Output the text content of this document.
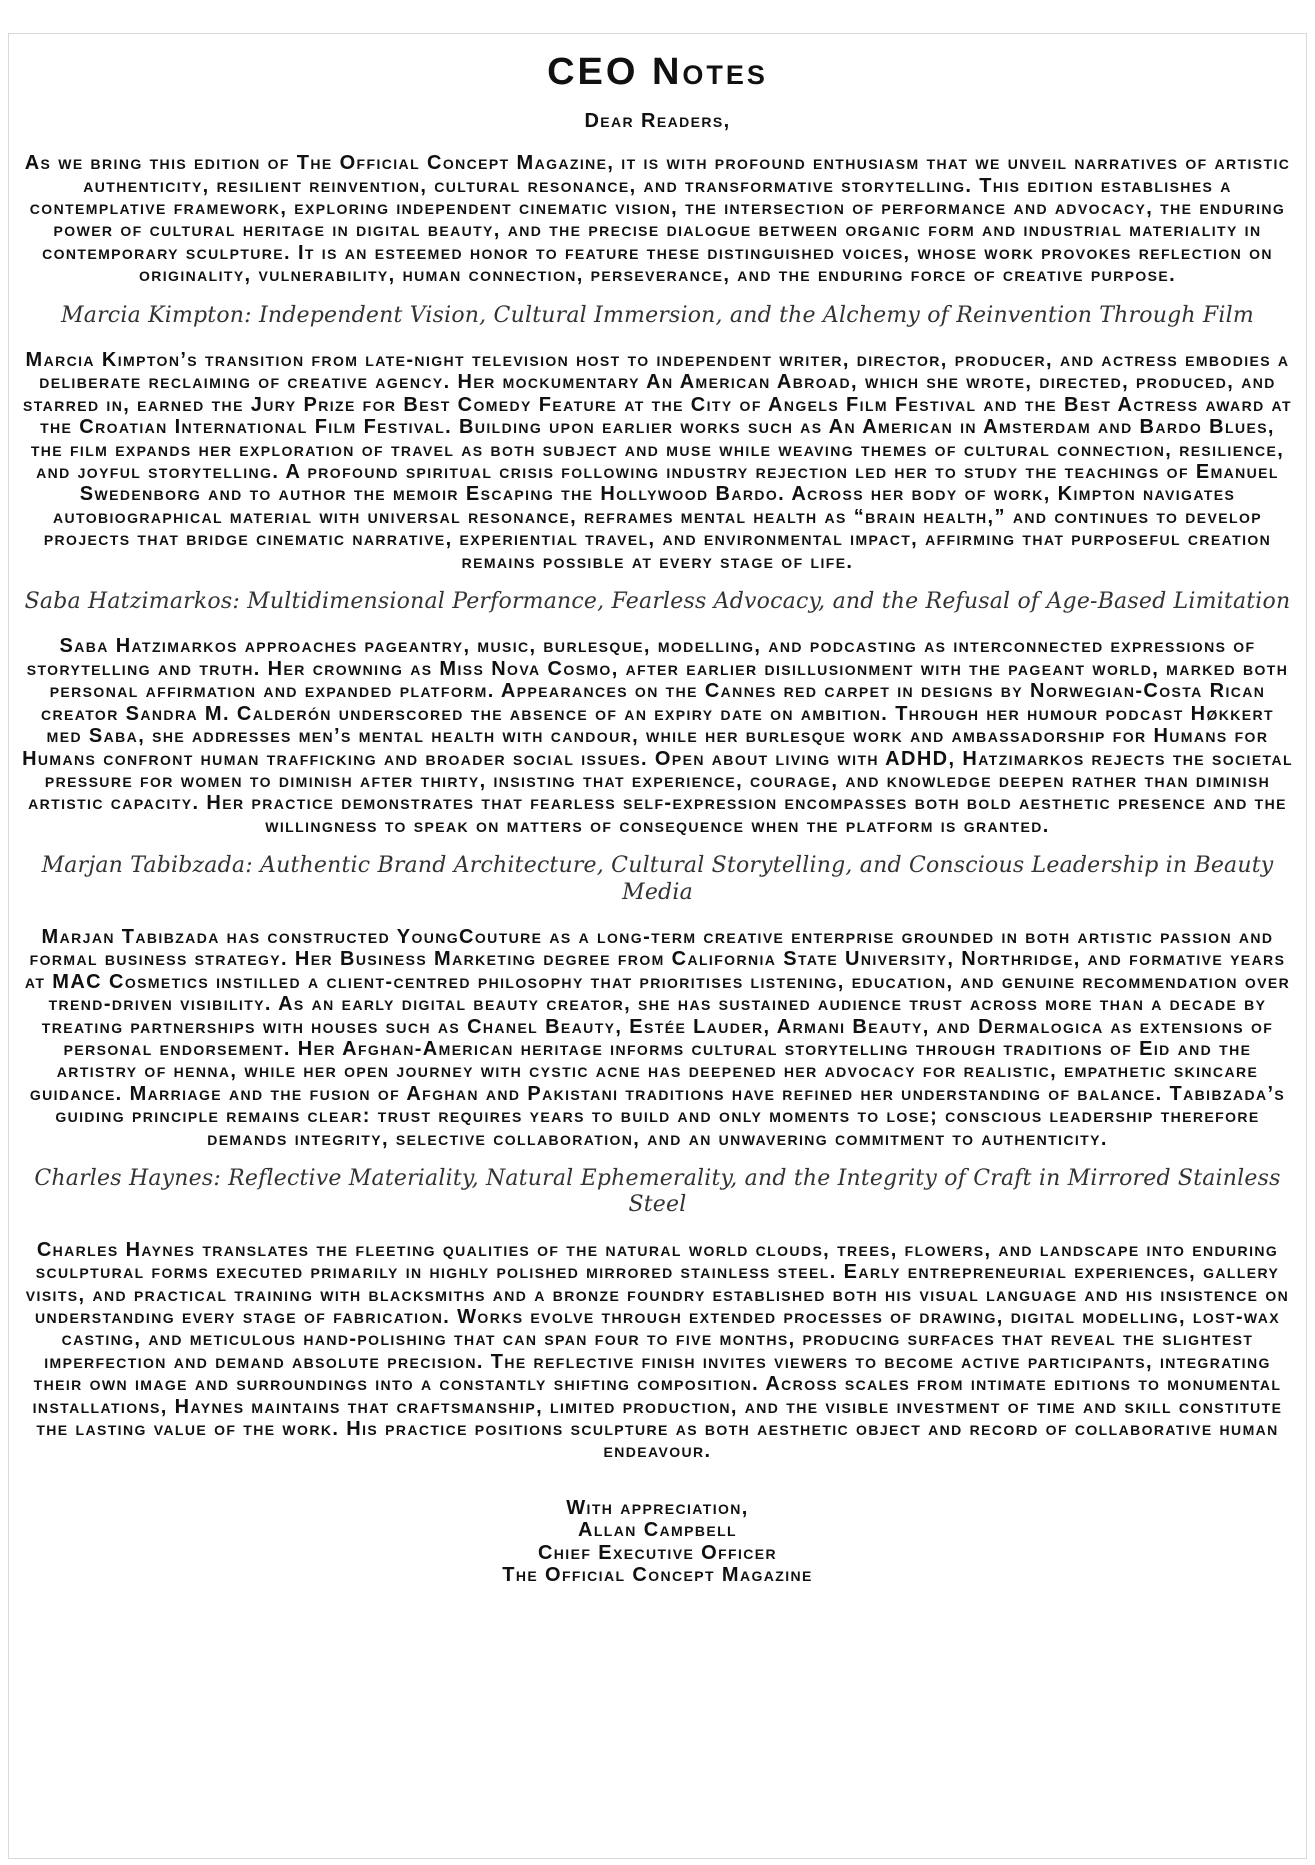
CEO Notes
Dear Readers,
As we bring this edition of The Official Concept Magazine, it is with profound enthusiasm that we unveil narratives of artistic authenticity, resilient reinvention, cultural resonance, and transformative storytelling. This edition establishes a contemplative framework, exploring independent cinematic vision, the intersection of performance and advocacy, the enduring power of cultural heritage in digital beauty, and the precise dialogue between organic form and industrial materiality in contemporary sculpture. It is an esteemed honor to feature these distinguished voices, whose work provokes reflection on originality, vulnerability, human connection, perseverance, and the enduring force of creative purpose.
Marcia Kimpton: Independent Vision, Cultural Immersion, and the Alchemy of Reinvention Through Film
Marcia Kimpton’s transition from late-night television host to independent writer, director, producer, and actress embodies a deliberate reclaiming of creative agency. Her mockumentary An American Abroad, which she wrote, directed, produced, and starred in, earned the Jury Prize for Best Comedy Feature at the City of Angels Film Festival and the Best Actress award at the Croatian International Film Festival. Building upon earlier works such as An American in Amsterdam and Bardo Blues, the film expands her exploration of travel as both subject and muse while weaving themes of cultural connection, resilience, and joyful storytelling. A profound spiritual crisis following industry rejection led her to study the teachings of Emanuel Swedenborg and to author the memoir Escaping the Hollywood Bardo. Across her body of work, Kimpton navigates autobiographical material with universal resonance, reframes mental health as “brain health,” and continues to develop projects that bridge cinematic narrative, experiential travel, and environmental impact, affirming that purposeful creation remains possible at every stage of life.
Saba Hatzimarkos: Multidimensional Performance, Fearless Advocacy, and the Refusal of Age-Based Limitation
Saba Hatzimarkos approaches pageantry, music, burlesque, modelling, and podcasting as interconnected expressions of storytelling and truth. Her crowning as Miss Nova Cosmo, after earlier disillusionment with the pageant world, marked both personal affirmation and expanded platform. Appearances on the Cannes red carpet in designs by Norwegian-Costa Rican creator Sandra M. Calderón underscored the absence of an expiry date on ambition. Through her humour podcast Høkkert med Saba, she addresses men’s mental health with candour, while her burlesque work and ambassadorship for Humans for Humans confront human trafficking and broader social issues. Open about living with ADHD, Hatzimarkos rejects the societal pressure for women to diminish after thirty, insisting that experience, courage, and knowledge deepen rather than diminish artistic capacity. Her practice demonstrates that fearless self-expression encompasses both bold aesthetic presence and the willingness to speak on matters of consequence when the platform is granted.
Marjan Tabibzada: Authentic Brand Architecture, Cultural Storytelling, and Conscious Leadership in Beauty Media
Marjan Tabibzada has constructed YoungCouture as a long-term creative enterprise grounded in both artistic passion and formal business strategy. Her Business Marketing degree from California State University, Northridge, and formative years at MAC Cosmetics instilled a client-centred philosophy that prioritises listening, education, and genuine recommendation over trend-driven visibility. As an early digital beauty creator, she has sustained audience trust across more than a decade by treating partnerships with houses such as Chanel Beauty, Estée Lauder, Armani Beauty, and Dermalogica as extensions of personal endorsement. Her Afghan-American heritage informs cultural storytelling through traditions of Eid and the artistry of henna, while her open journey with cystic acne has deepened her advocacy for realistic, empathetic skincare guidance. Marriage and the fusion of Afghan and Pakistani traditions have refined her understanding of balance. Tabibzada’s guiding principle remains clear: trust requires years to build and only moments to lose; conscious leadership therefore demands integrity, selective collaboration, and an unwavering commitment to authenticity.
Charles Haynes: Reflective Materiality, Natural Ephemerality, and the Integrity of Craft in Mirrored Stainless Steel
Charles Haynes translates the fleeting qualities of the natural world clouds, trees, flowers, and landscape into enduring sculptural forms executed primarily in highly polished mirrored stainless steel. Early entrepreneurial experiences, gallery visits, and practical training with blacksmiths and a bronze foundry established both his visual language and his insistence on understanding every stage of fabrication. Works evolve through extended processes of drawing, digital modelling, lost-wax casting, and meticulous hand-polishing that can span four to five months, producing surfaces that reveal the slightest imperfection and demand absolute precision. The reflective finish invites viewers to become active participants, integrating their own image and surroundings into a constantly shifting composition. Across scales from intimate editions to monumental installations, Haynes maintains that craftsmanship, limited production, and the visible investment of time and skill constitute the lasting value of the work. His practice positions sculpture as both aesthetic object and record of collaborative human endeavour.
With appreciation,
Allan Campbell
Chief Executive Officer
The Official Concept Magazine
